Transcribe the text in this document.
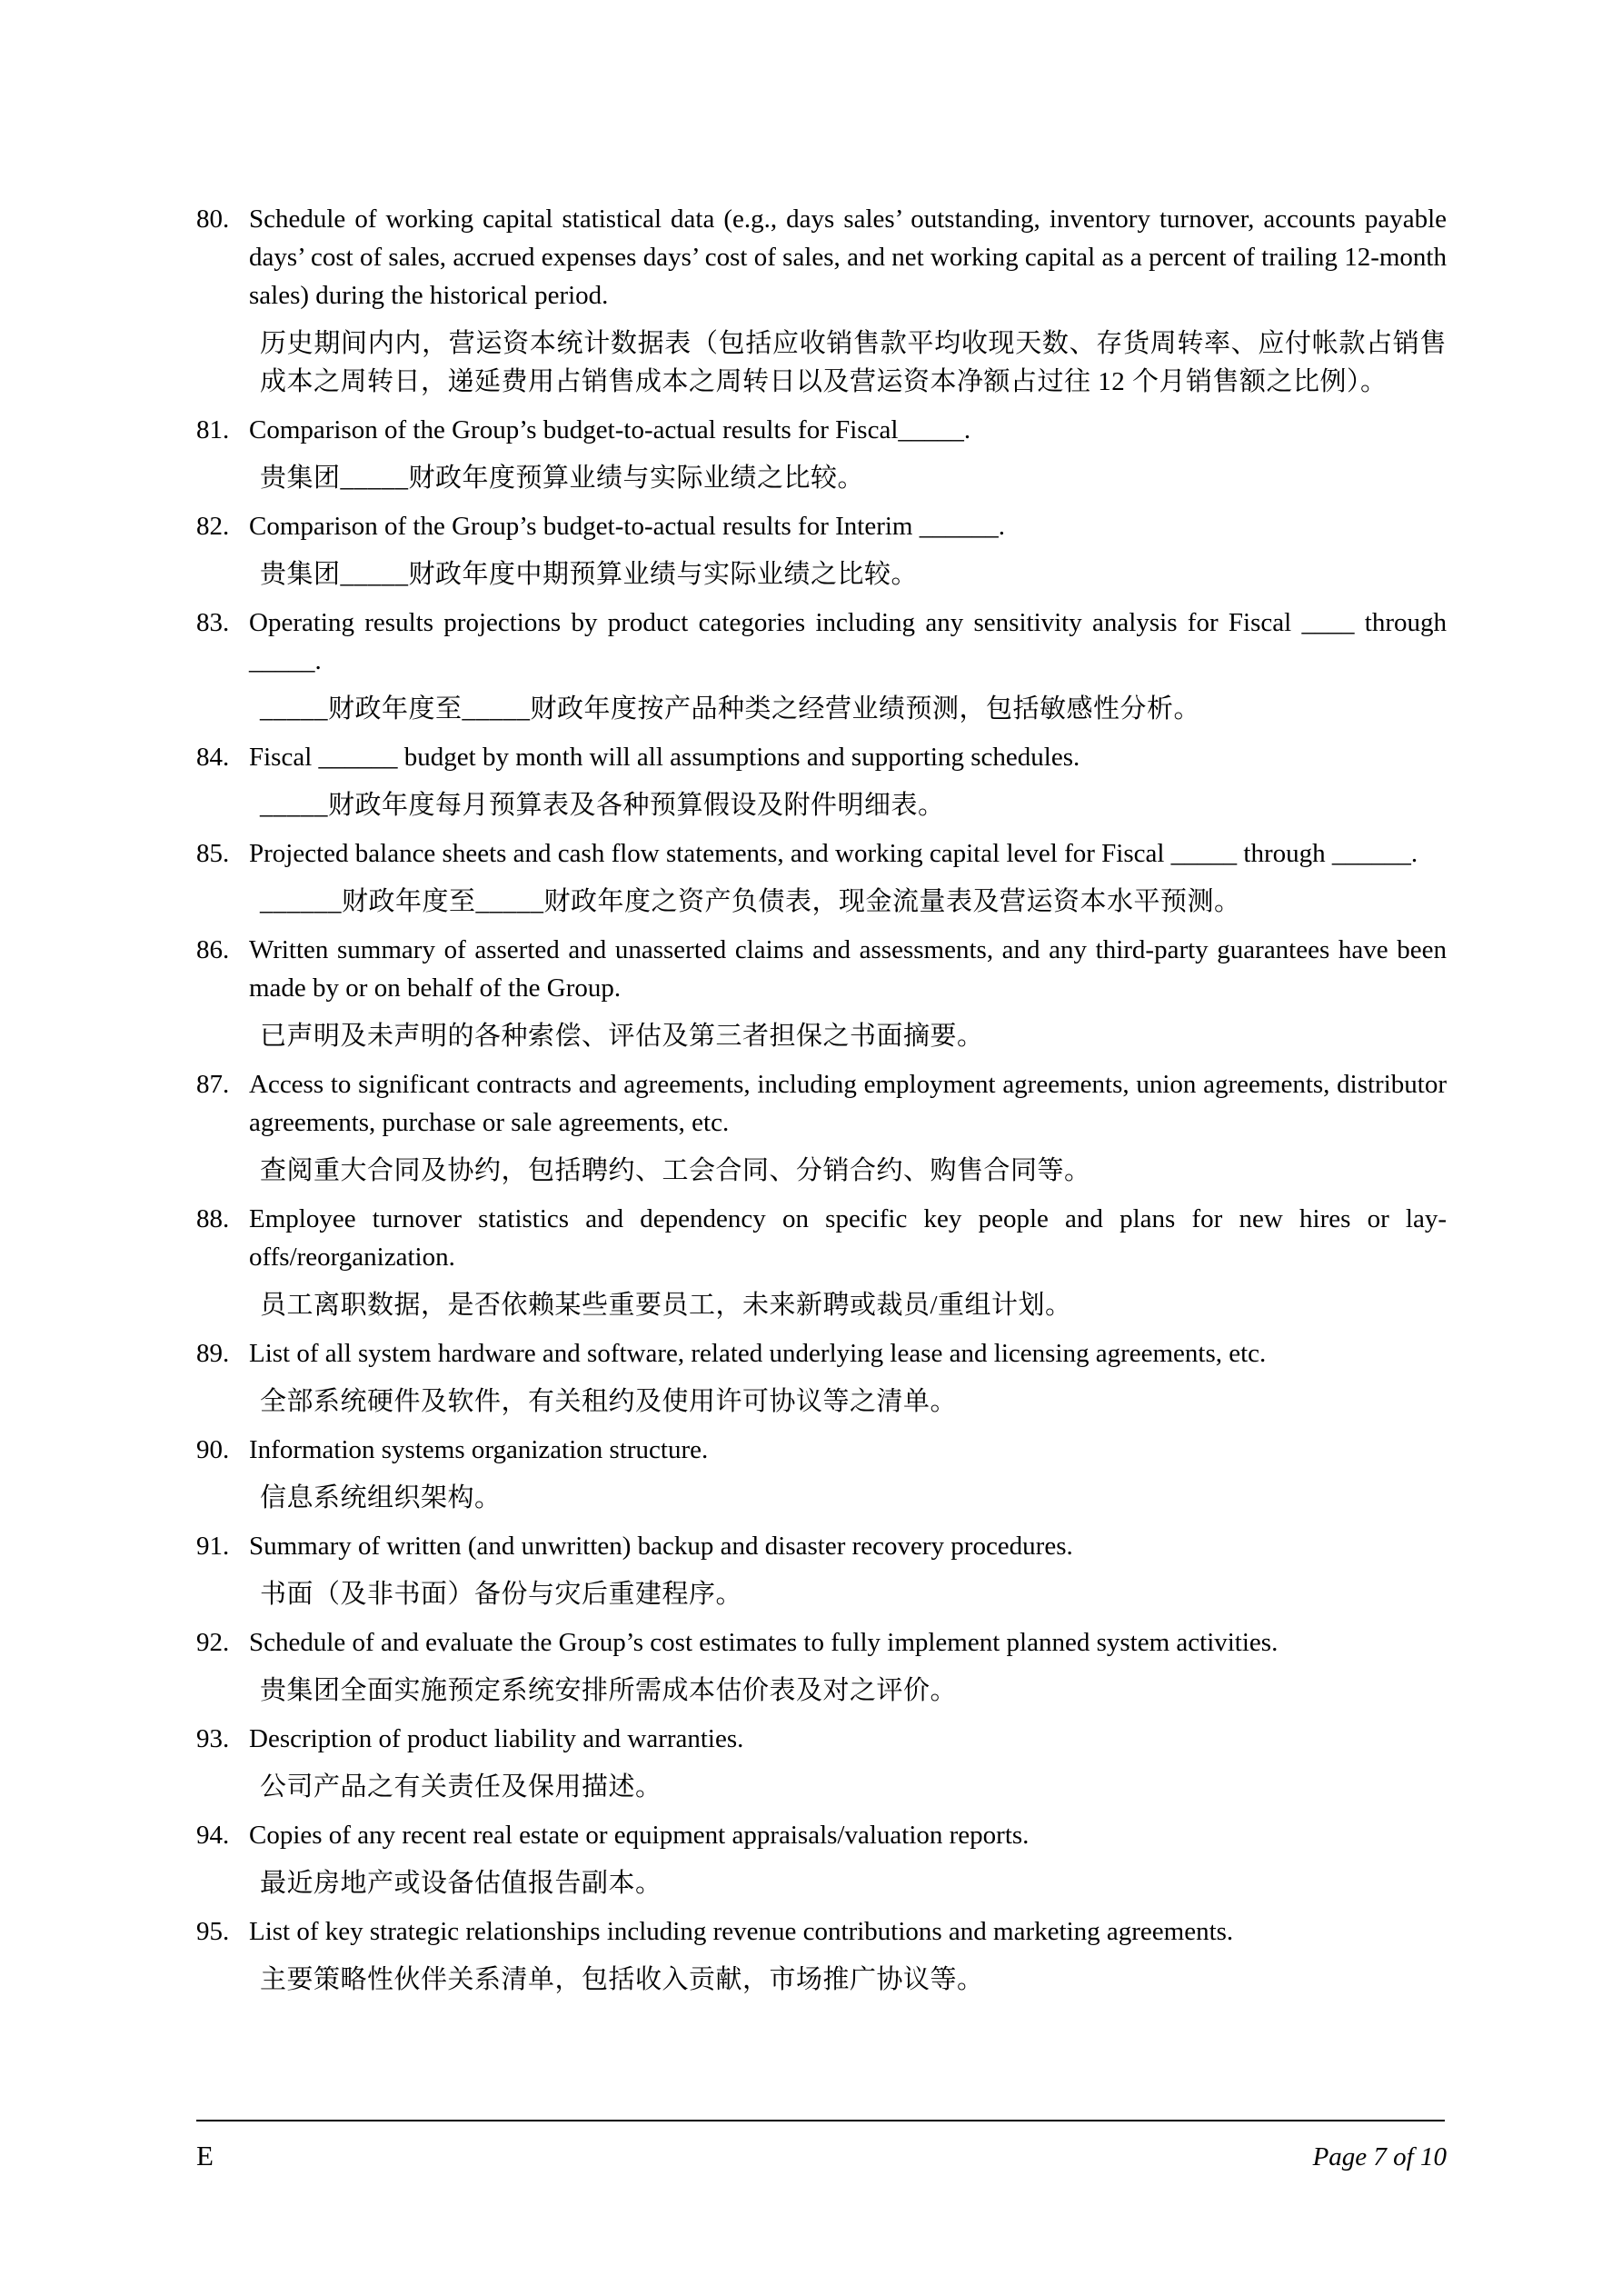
80. Schedule of working capital statistical data (e.g., days sales’ outstanding, inventory turnover, accounts payable days’ cost of sales, accrued expenses days’ cost of sales, and net working capital as a percent of trailing 12-month sales) during the historical period.

历史期间内内，营运资本统计数据表（包括应收销售款平均收现天数、存货周转率、应付帐款占销售成本之周转日，递延费用占销售成本之周转日以及营运资本净额占过往 12 个月销售额之比例）。

81. Comparison of the Group’s budget-to-actual results for Fiscal_____.

贵集团_____财政年度预算业绩与实际业绩之比较。

82. Comparison of the Group’s budget-to-actual results for Interim ______.

贵集团_____财政年度中期预算业绩与实际业绩之比较。

83. Operating results projections by product categories including any sensitivity analysis for Fiscal ____ through _____.

_____财政年度至_____财政年度按产品种类之经营业绩预测，包括敏感性分析。

84. Fiscal ______ budget by month will all assumptions and supporting schedules.

_____财政年度每月预算表及各种预算假设及附件明细表。

85. Projected balance sheets and cash flow statements, and working capital level for Fiscal _____ through ______.

______财政年度至_____财政年度之资产负债表，现金流量表及营运资本水平预测。

86. Written summary of asserted and unasserted claims and assessments, and any third-party guarantees have been made by or on behalf of the Group.

已声明及未声明的各种索偿、评估及第三者担保之书面摘要。

87. Access to significant contracts and agreements, including employment agreements, union agreements, distributor agreements, purchase or sale agreements, etc.

查阅重大合同及协约，包括聘约、工会合同、分销合约、购售合同等。

88. Employee turnover statistics and dependency on specific key people and plans for new hires or lay-offs/reorganization.

员工离职数据，是否依赖某些重要员工，未来新聘或裁员/重组计划。

89. List of all system hardware and software, related underlying lease and licensing agreements, etc.

全部系统硬件及软件，有关租约及使用许可协议等之清单。

90. Information systems organization structure.

信息系统组织架构。

91. Summary of written (and unwritten) backup and disaster recovery procedures.

书面（及非书面）备份与灾后重建程序。

92. Schedule of and evaluate the Group’s cost estimates to fully implement planned system activities.

贵集团全面实施预定系统安排所需成本估价表及对之评价。

93. Description of product liability and warranties.

公司产品之有关责任及保用描述。

94. Copies of any recent real estate or equipment appraisals/valuation reports.

最近房地产或设备估值报告副本。

95. List of key strategic relationships including revenue contributions and marketing agreements.

主要策略性伙伴关系清单，包括收入贡献，市场推广协议等。

E	Page 7 of 10
